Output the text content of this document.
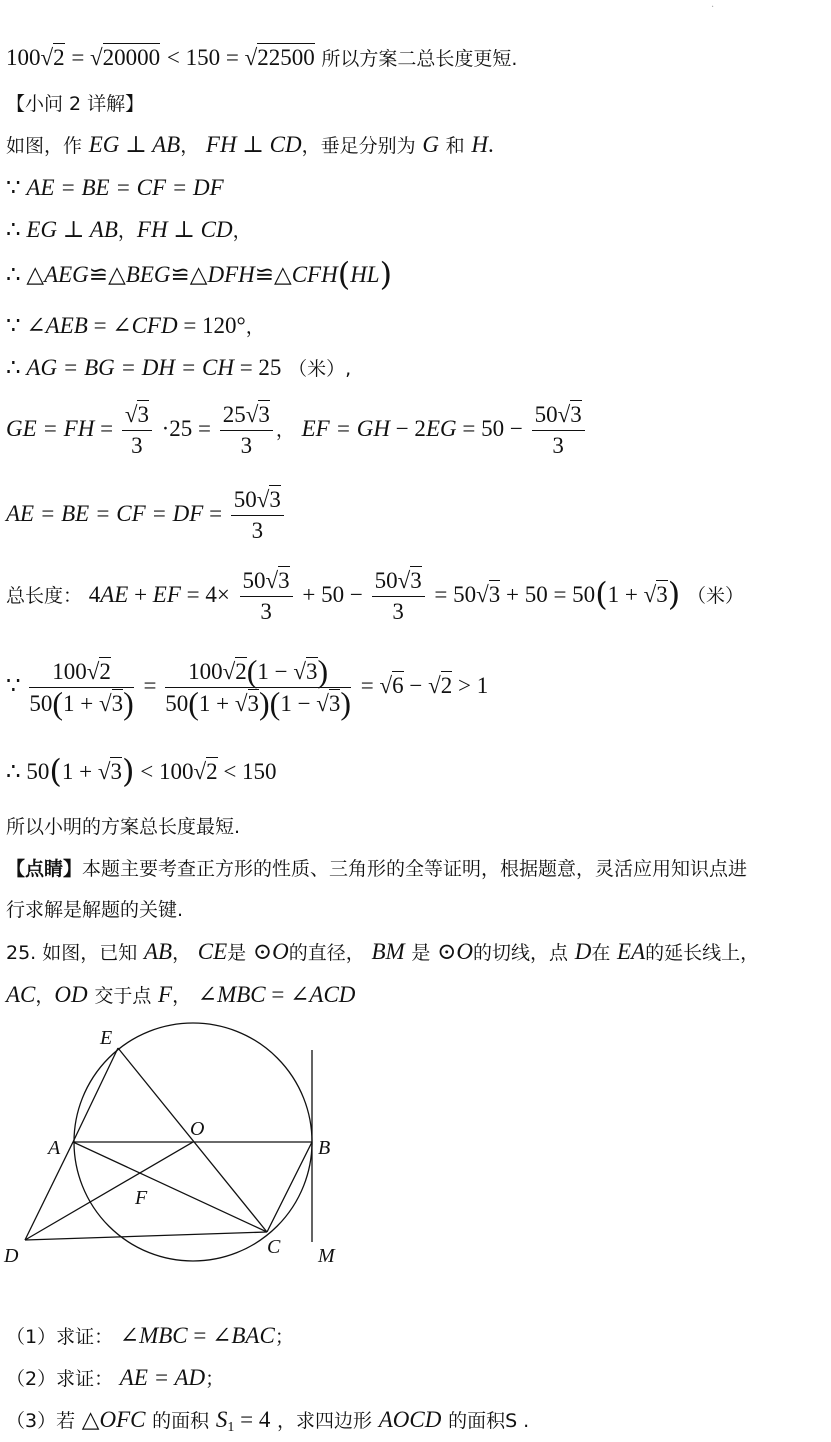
·
100√2 = √20000 < 150 = √22500 所以方案二总长度更短.
【小问 2 详解】
如图，作 EG ⊥ AB， FH ⊥ CD，垂足分别为 G 和 H.
∵ AE = BE = CF = DF
∴ EG ⊥ AB，FH ⊥ CD，
∴ △AEG≌△BEG≌△DFH≌△CFH(HL)
∵ ∠AEB = ∠CFD = 120°，
∴ AG = BG = DH = CH = 25 （米）,
GE = FH = $\frac{√3}{3} \cdot 25 = \frac{25√3}{3}$ ， EF = GH − $2EG = 50 - \frac{50√3}{3}$
AE = BE = CF = DF = $\frac{50√3}{3}$
总长度： 4AE + EF = $4\times \frac{50√3}{3} + 50 - \frac{50√3}{3} = 50√3 + 50 = 50(1 + √3)$ （米）
∵ $\frac{100√2}{50(1 + √3)} = \frac{100√2(1 - √3)}{50(1 + √3)(1 - √3)} = √6 - √2 > 1$
∴ 50(1 + √3) < 100√2 < 150
所以小明的方案总长度最短.
【点睛】本题主要考查正方形的性质、三角形的全等证明，根据题意，灵活应用知识点进
行求解是解题的关键.
25. 如图，已知 AB， CE是 ⊙O的直径， BM 是 ⊙O的切线，点 D在 EA的延长线上，
AC，OD 交于点 F， ∠MBC = ∠ACD
E
O
A	B
F
D	C M
（1）求证： ∠MBC = ∠BAC；
（2）求证： AE = AD；
（3）若 △OFC 的面积 S1 = 4 ，求四边形 AOCD 的面积S .
